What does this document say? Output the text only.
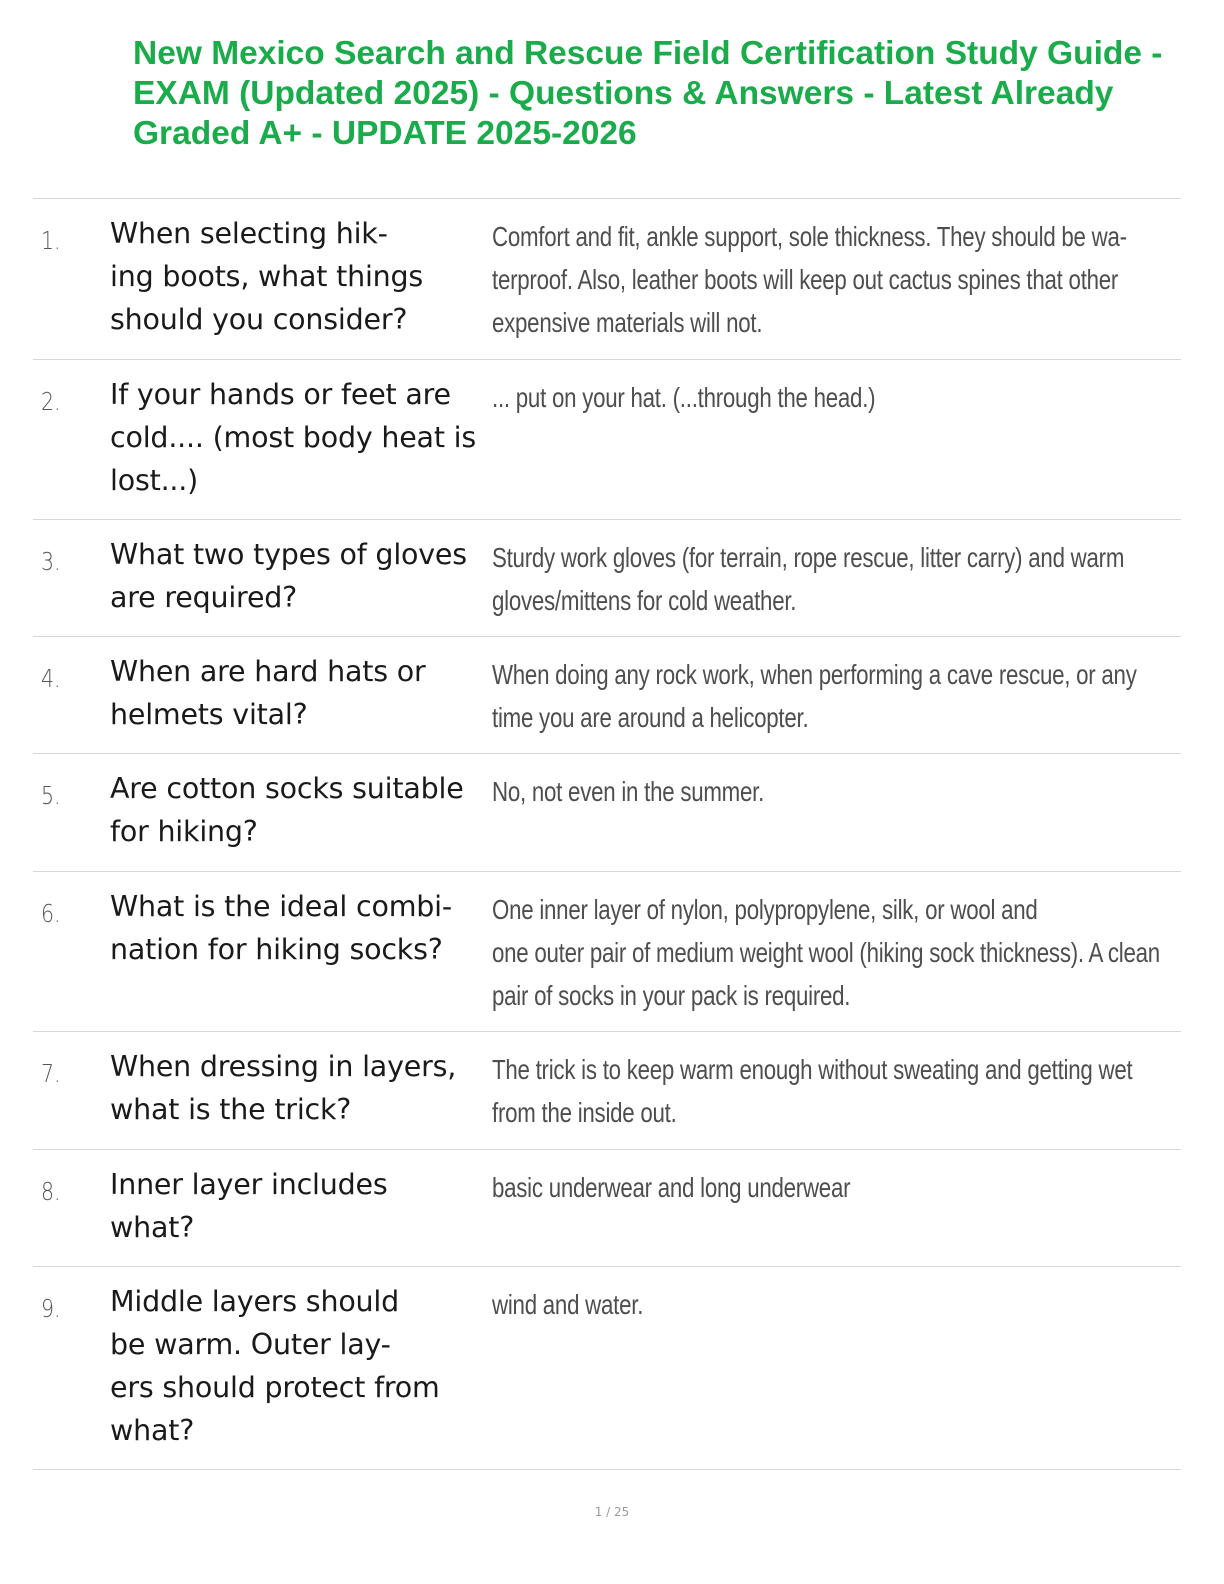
New Mexico Search and Rescue Field Certification Study Guide - EXAM (Updated 2025) - Questions & Answers - Latest Already Graded A+ - UPDATE 2025-2026
1. When selecting hik-
ing boots, what things
should you consider?
Comfort and fit, ankle support, sole thickness. They should be wa-
terproof. Also, leather boots will keep out cactus spines that other
expensive materials will not.
2. If your hands or feet are
cold.... (most body heat is
lost...)
... put on your hat. (...through the head.)
3. What two types of gloves
are required?
Sturdy work gloves (for terrain, rope rescue, litter carry) and warm
gloves/mittens for cold weather.
4. When are hard hats or
helmets vital?
When doing any rock work, when performing a cave rescue, or any
time you are around a helicopter.
5. Are cotton socks suitable
for hiking?
No, not even in the summer.
6. What is the ideal combi-
nation for hiking socks?
One inner layer of nylon, polypropylene, silk, or wool and
one outer pair of medium weight wool (hiking sock thickness). A clean
pair of socks in your pack is required.
7. When dressing in layers,
what is the trick?
The trick is to keep warm enough without sweating and getting wet
from the inside out.
8. Inner layer includes
what?
basic underwear and long underwear
9. Middle layers should
be warm. Outer lay-
ers should protect from
what?
wind and water.
1 / 25
